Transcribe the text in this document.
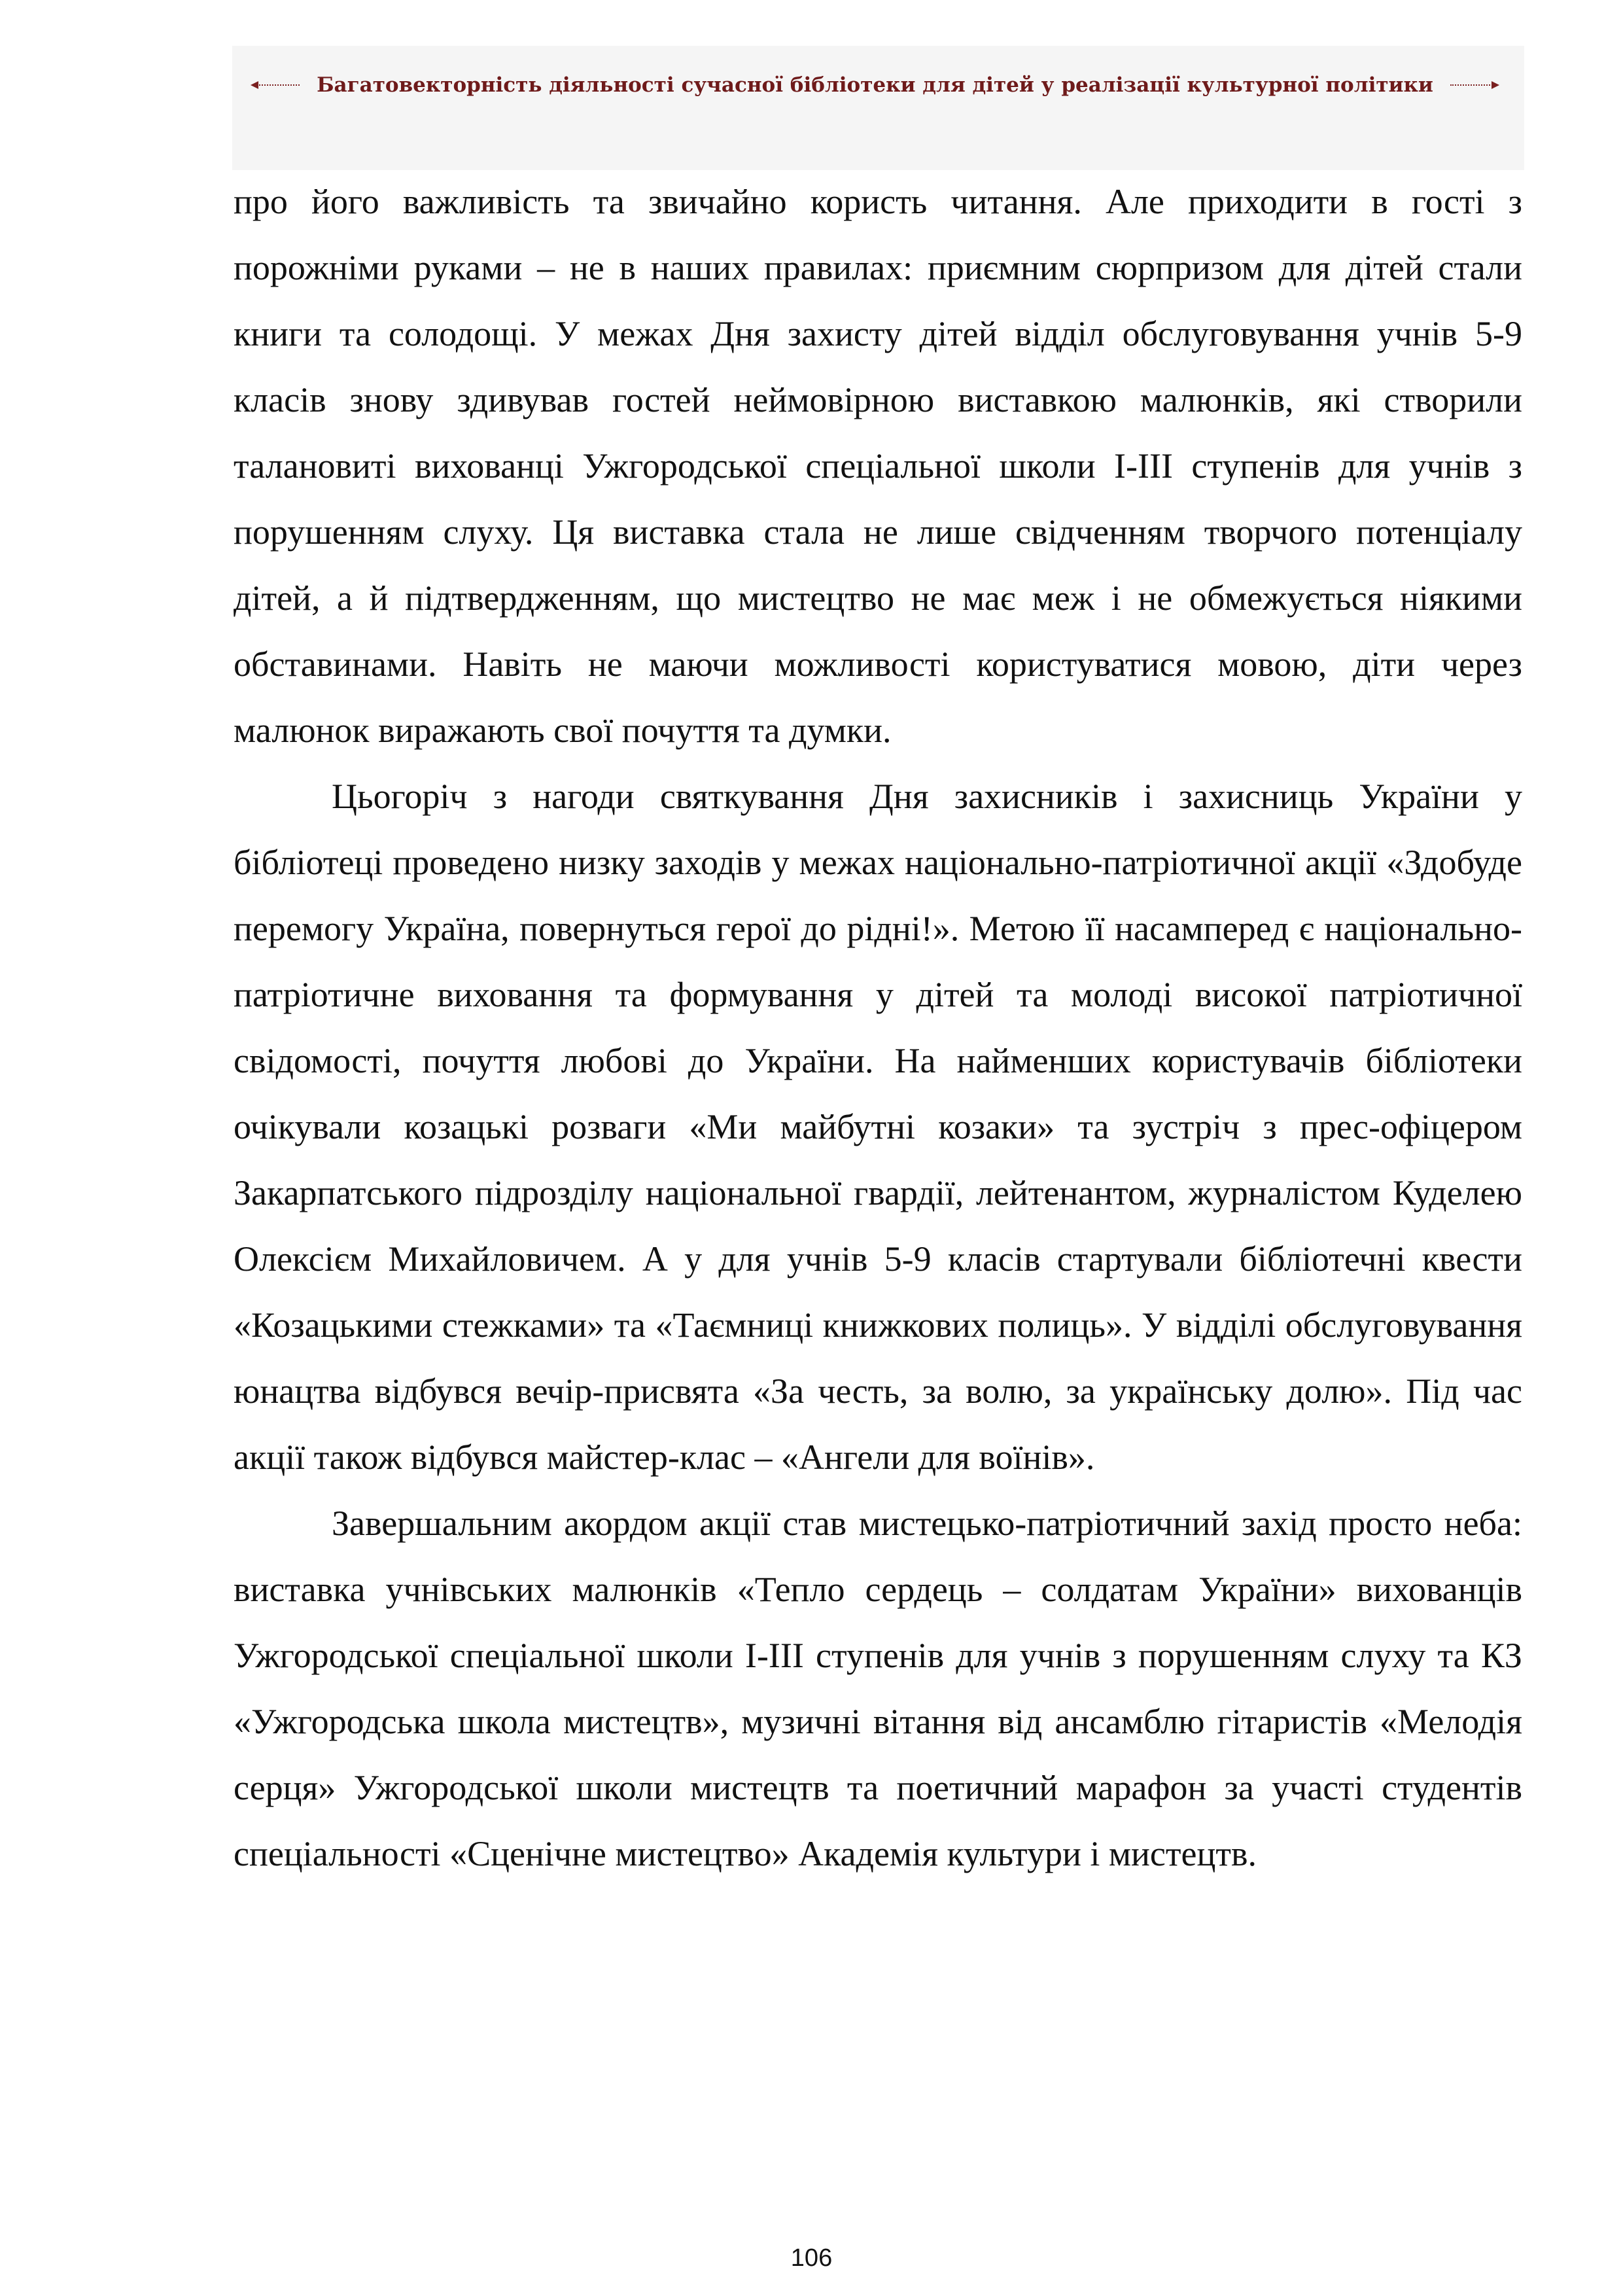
Багатовекторність діяльності сучасної бібліотеки для дітей у реалізації культурної політики

про його важливість та звичайно користь читання. Але приходити в гості з порожніми руками – не в наших правилах: приємним сюрпризом для дітей стали книги та солодощі. У межах Дня захисту дітей відділ обслуговування учнів 5-9 класів знову здивував гостей неймовірною виставкою малюнків, які створили талановиті вихованці Ужгородської спеціальної школи І-ІІІ ступенів для учнів з порушенням слуху. Ця виставка стала не лише свідченням творчого потенціалу дітей, а й підтвердженням, що мистецтво не має меж і не обмежується ніякими обставинами. Навіть не маючи можливості користуватися мовою, діти через малюнок виражають свої почуття та думки.

Цьогоріч з нагоди святкування Дня захисників і захисниць України у бібліотеці проведено низку заходів у межах національно-патріотичної акції «Здобуде перемогу Україна, повернуться герої до рідні!». Метою її насамперед є національно-патріотичне виховання та формування у дітей та молоді високої патріотичної свідомості, почуття любові до України. На найменших користувачів бібліотеки очікували козацькі розваги «Ми майбутні козаки» та зустріч з прес-офіцером Закарпатського підрозділу національної гвардії, лейтенантом, журналістом Куделею Олексієм Михайловичем. А у для учнів 5-9 класів стартували бібліотечні квести «Козацькими стежками» та «Таємниці книжкових полиць». У відділі обслуговування юнацтва відбувся вечір-присвята «За честь, за волю, за українську долю». Під час акції також відбувся майстер-клас – «Ангели для воїнів».

Завершальним акордом акції став мистецько-патріотичний захід просто неба: виставка учнівських малюнків «Тепло сердець – солдатам України» вихованців Ужгородської спеціальної школи І-ІІІ ступенів для учнів з порушенням слуху та КЗ «Ужгородська школа мистецтв», музичні вітання від ансамблю гітаристів «Мелодія серця» Ужгородської школи мистецтв та поетичний марафон за участі студентів спеціальності «Сценічне мистецтво» Академія культури і мистецтв.

106
